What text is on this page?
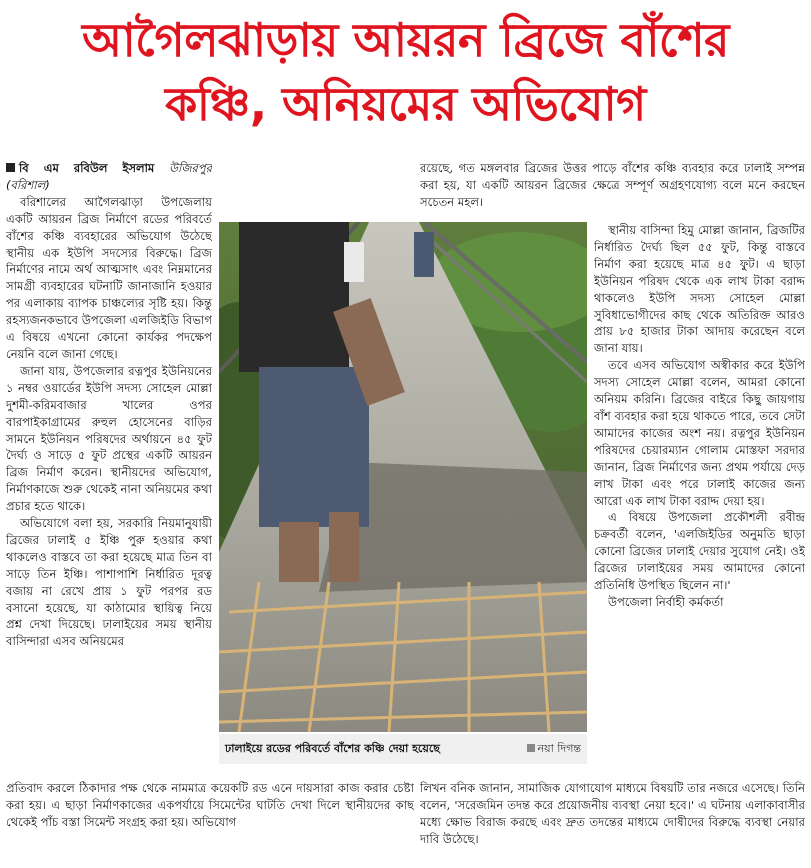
আগৈলঝাড়ায় আয়রন ব্রিজে বাঁশের
কঞ্চি, অনিয়মের অভিযোগ

বি এম রবিউল ইসলাম উজিরপুর (বরিশাল)

বরিশালের আগৈলঝাড়া উপজেলায় একটি আয়রন ব্রিজ নির্মাণে রডের পরিবর্তে বাঁশের কঞ্চি ব্যবহারের অভিযোগ উঠেছে স্থানীয় এক ইউপি সদস্যের বিরুদ্ধে। ব্রিজ নির্মাণের নামে অর্থ আত্মসাৎ এবং নিম্নমানের সামগ্রী ব্যবহারের ঘটনাটি জানাজানি হওয়ার পর এলাকায় ব্যাপক চাঞ্চল্যের সৃষ্টি হয়। কিন্তু রহস্যজনকভাবে উপজেলা এলজিইডি বিভাগ এ বিষয়ে এখনো কোনো কার্যকর পদক্ষেপ নেয়নি বলে জানা গেছে।

জানা যায়, উপজেলার রত্নপুর ইউনিয়নের ১ নম্বর ওয়ার্ডের ইউপি সদস্য সোহেল মোল্লা দুশমী-করিমবাজার খালের ওপর বারপাইকাগ্রামের রুহুল হোসেনের বাড়ির সামনে ইউনিয়ন পরিষদের অর্থায়নে ৪৫ ফুট দৈর্ঘ্য ও সাড়ে ৫ ফুট প্রস্থের একটি আয়রন ব্রিজ নির্মাণ করেন। স্থানীয়দের অভিযোগ, নির্মাণকাজে শুরু থেকেই নানা অনিয়মের কথা প্রচার হতে থাকে।

অভিযোগে বলা হয়, সরকারি নিয়মানুযায়ী ব্রিজের ঢালাই ৫ ইঞ্চি পুরু হওয়ার কথা থাকলেও বাস্তবে তা করা হয়েছে মাত্র তিন বা সাড়ে তিন ইঞ্চি। পাশাপাশি নির্ধারিত দূরত্ব বজায় না রেখে প্রায় ১ ফুট পরপর রড বসানো হয়েছে, যা কাঠামোর স্থায়িত্ব নিয়ে প্রশ্ন দেখা দিয়েছে। ঢালাইয়ের সময় স্থানীয় বাসিন্দারা এসব অনিয়মের

রয়েছে, গত মঙ্গলবার ব্রিজের উত্তর পাড়ে বাঁশের কঞ্চি ব্যবহার করে ঢালাই সম্পন্ন করা হয়, যা একটি আয়রন ব্রিজের ক্ষেত্রে সম্পূর্ণ অগ্রহণযোগ্য বলে মনে করছেন সচেতন মহল।

স্থানীয় বাসিন্দা হিমু মোল্লা জানান, ব্রিজটির নির্ধারিত দৈর্ঘ্য ছিল ৫৫ ফুট, কিন্তু বাস্তবে নির্মাণ করা হয়েছে মাত্র ৪৫ ফুট। এ ছাড়া ইউনিয়ন পরিষদ থেকে এক লাখ টাকা বরাদ্দ থাকলেও ইউপি সদস্য সোহেল মোল্লা সুবিধাভোগীদের কাছ থেকে অতিরিক্ত আরও প্রায় ৮৫ হাজার টাকা আদায় করেছেন বলে জানা যায়।

তবে এসব অভিযোগ অস্বীকার করে ইউপি সদস্য সোহেল মোল্লা বলেন, আমরা কোনো অনিয়ম করিনি। ব্রিজের বাইরে কিছু জায়গায় বাঁশ ব্যবহার করা হয়ে থাকতে পারে, তবে সেটা আমাদের কাজের অংশ নয়। রত্নপুর ইউনিয়ন পরিষদের চেয়ারম্যান গোলাম মোস্তফা সরদার জানান, ব্রিজ নির্মাণের জন্য প্রথম পর্যায়ে দেড় লাখ টাকা এবং পরে ঢালাই কাজের জন্য আরো এক লাখ টাকা বরাদ্দ দেয়া হয়।

এ বিষয়ে উপজেলা প্রকৌশলী রবীন্দ্র চক্রবর্তী বলেন, 'এলজিইডির অনুমতি ছাড়া কোনো ব্রিজের ঢালাই দেয়ার সুযোগ নেই। ওই ব্রিজের ঢালাইয়ের সময় আমাদের কোনো প্রতিনিধি উপস্থিত ছিলেন না।'

উপজেলা নির্বাহী কর্মকর্তা

ঢালাইয়ে রডের পরিবর্তে বাঁশের কঞ্চি দেয়া হয়েছে	নয়া দিগন্ত

প্রতিবাদ করলে ঠিকাদার পক্ষ থেকে নামমাত্র কয়েকটি রড এনে দায়সারা কাজ করার চেষ্টা করা হয়। এ ছাড়া নির্মাণকাজের একপর্যায়ে সিমেন্টের ঘাটতি দেখা দিলে স্থানীয়দের কাছ থেকেই পাঁচ বস্তা সিমেন্ট সংগ্রহ করা হয়। অভিযোগ

লিখন বনিক জানান, সামাজিক যোগাযোগ মাধ্যমে বিষয়টি তার নজরে এসেছে। তিনি বলেন, 'সরেজমিন তদন্ত করে প্রয়োজনীয় ব্যবস্থা নেয়া হবে।' এ ঘটনায় এলাকাবাসীর মধ্যে ক্ষোভ বিরাজ করছে এবং দ্রুত তদন্তের মাধ্যমে দোষীদের বিরুদ্ধে ব্যবস্থা নেয়ার দাবি উঠেছে।
